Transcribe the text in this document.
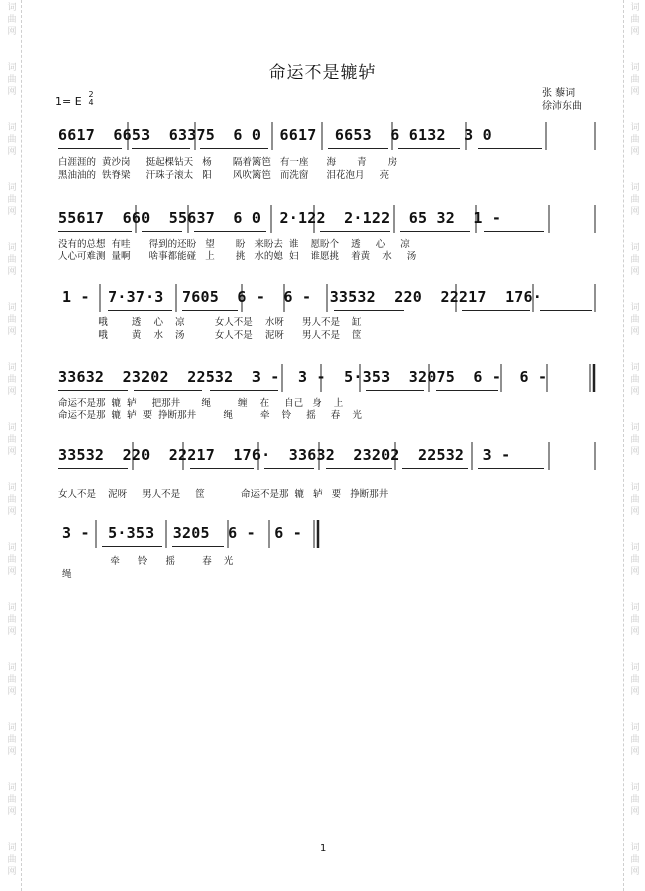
词
曲
网
词
曲
网
词
曲
网
词
曲
网
词
曲
网
词
曲
网
词
曲
网
词
曲
网
词
曲
网
词
曲
网
词
曲
网
词
曲
网
词
曲
网
词
曲
网
词
曲
网
词
曲
网
词
曲
网
词
曲
网
词
曲
网
词
曲
网
词
曲
网
词
曲
网
词
曲
网
词
曲
网
词
曲
网
词
曲
网
词
曲
网
词
曲
网
词
曲
网
词
曲
网
命运不是辘轳
张 藜词
徐沛东曲
1= E
2
4
6617  6653  63375  6 0  6617  6653  6 6132  3 0
白涯涯的  黄沙岗     挺起棵钻天   杨       隔着篱笆   有一座      海       青       房
黑油油的  铁脊梁     汗珠子滚太   阳       风吹篱笆   而洗窗      泪花泡月     亮
55617  660  55637  6 0  2·122  2·122  65 32  1 -
没有的总想  有哇      得到的还盼   望       盼   来盼去  谁    愿盼个    透     心     凉
人心可难测  量啊      啥事都能碰   上       挑   水的媳  妇    谁愿挑    着黄    水     汤
1 -  7·37·3  7605  6 -  6 -  33532  220  22217  176·
哦        透    心    凉          女人不是    水呀      男人不是    缸
哦        黄    水    汤          女人不是    泥呀      男人不是    筐
33632  23202  22532  3 -  3 -  5·353  32075  6 -  6 -
命运不是那  辘  轳     把那井       绳         缠    在     自己   身    上
命运不是那  辘  轳  要  挣断那井         绳         牵    铃     摇     春    光
33532  220  22217  176·  33632  23202  22532  3 -
女人不是    泥呀     男人不是     筐            命运不是那  辘   轳   要   挣断那井
3 -  5·353  3205  6 -  6 -
牵      铃      摇         春    光
绳
1
